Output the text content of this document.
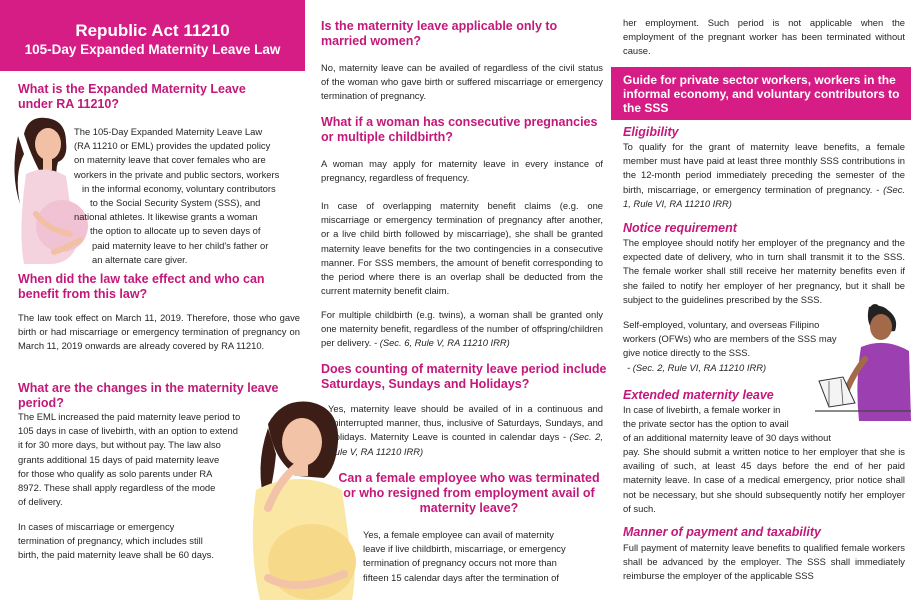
Republic Act 11210
105-Day Expanded Maternity Leave Law
What is the Expanded Maternity Leave under RA 11210?
The 105-Day Expanded Maternity Leave Law
(RA 11210 or EML) provides the updated policy
on maternity leave that cover females who are
workers in the private and public sectors, workers
in the informal economy, voluntary contributors
to the Social Security System (SSS), and
national athletes. It likewise grants a woman
the option to allocate up to seven days of
paid maternity leave to her child's father or
an alternate care giver.
When did the law take effect and who can benefit from this law?
The law took effect on March 11, 2019. Therefore, those who gave birth or had miscarriage or emergency termination of pregnancy on March 11, 2019 onwards are already covered by RA 11210.
What are the changes in the maternity leave period?
The EML increased the paid maternity leave period to
105 days in case of livebirth, with an option to extend
it for 30 more days, but without pay. The law also
grants additional 15 days of paid maternity leave
for those who qualify as solo parents under RA
8972. These shall apply regardless of the mode
of delivery.
In cases of miscarriage or emergency
termination of pregnancy, which includes still
birth, the paid maternity leave shall be 60 days.
Is the maternity leave applicable only to married women?
No, maternity leave can be availed of regardless of the civil status of the woman who gave birth or suffered miscarriage or emergency termination of pregnancy.
What if a woman has consecutive pregnancies or multiple childbirth?
A woman may apply for maternity leave in every instance of pregnancy, regardless of frequency.
In case of overlapping maternity benefit claims (e.g. one miscarriage or emergency termination of pregnancy after another, or a live child birth followed by miscarriage), she shall be granted maternity leave benefits for the two contingencies in a consecutive manner. For SSS members, the amount of benefit corresponding to the period where there is an overlap shall be deducted from the current maternity benefit claim.
For multiple childbirth (e.g. twins), a woman shall be granted only one maternity benefit, regardless of the number of offspring/children per delivery. - (Sec. 6, Rule V, RA 11210 IRR)
Does counting of maternity leave period include Saturdays, Sundays and Holidays?
Yes, maternity leave should be availed of in a continuous and uninterrupted manner, thus, inclusive of Saturdays, Sundays, and Holidays. Maternity Leave is counted in calendar days - (Sec. 2, Rule V, RA 11210 IRR)
Can a female employee who was terminated or who resigned from employment avail of maternity leave?
Yes, a female employee can avail of maternity
leave if live childbirth, miscarriage, or emergency
termination of pregnancy occurs not more than
fifteen 15 calendar days after the termination of
her employment. Such period is not applicable when the employment of the pregnant worker has been terminated without cause.
Guide for private sector workers, workers in the informal economy, and voluntary contributors to the SSS
Eligibility
To qualify for the grant of maternity leave benefits, a female member must have paid at least three monthly SSS contributions in the 12-month period immediately preceding the semester of the birth, miscarriage, or emergency termination of pregnancy. - (Sec. 1, Rule VI, RA 11210 IRR)
Notice requirement
The employee should notify her employer of the pregnancy and the expected date of delivery, who in turn shall transmit it to the SSS. The female worker shall still receive her maternity benefits even if she failed to notify her employer of her pregnancy, but it shall be subject to the guidelines prescribed by the SSS.
Self-employed, voluntary, and overseas Filipino
workers (OFWs) who are members of the SSS may
give notice directly to the SSS.
- (Sec. 2, Rule VI, RA 11210 IRR)
Extended maternity leave
In case of livebirth, a female worker in
the private sector has the option to avail
of an additional maternity leave of 30 days without
pay. She should submit a written notice to her employer that she is availing of such, at least 45 days before the end of her paid maternity leave. In case of a medical emergency, prior notice shall not be necessary, but she should subsequently notify her employer of such.
Manner of payment and taxability
Full payment of maternity leave benefits to qualified female workers shall be advanced by the employer. The SSS shall immediately reimburse the employer of the applicable SSS
